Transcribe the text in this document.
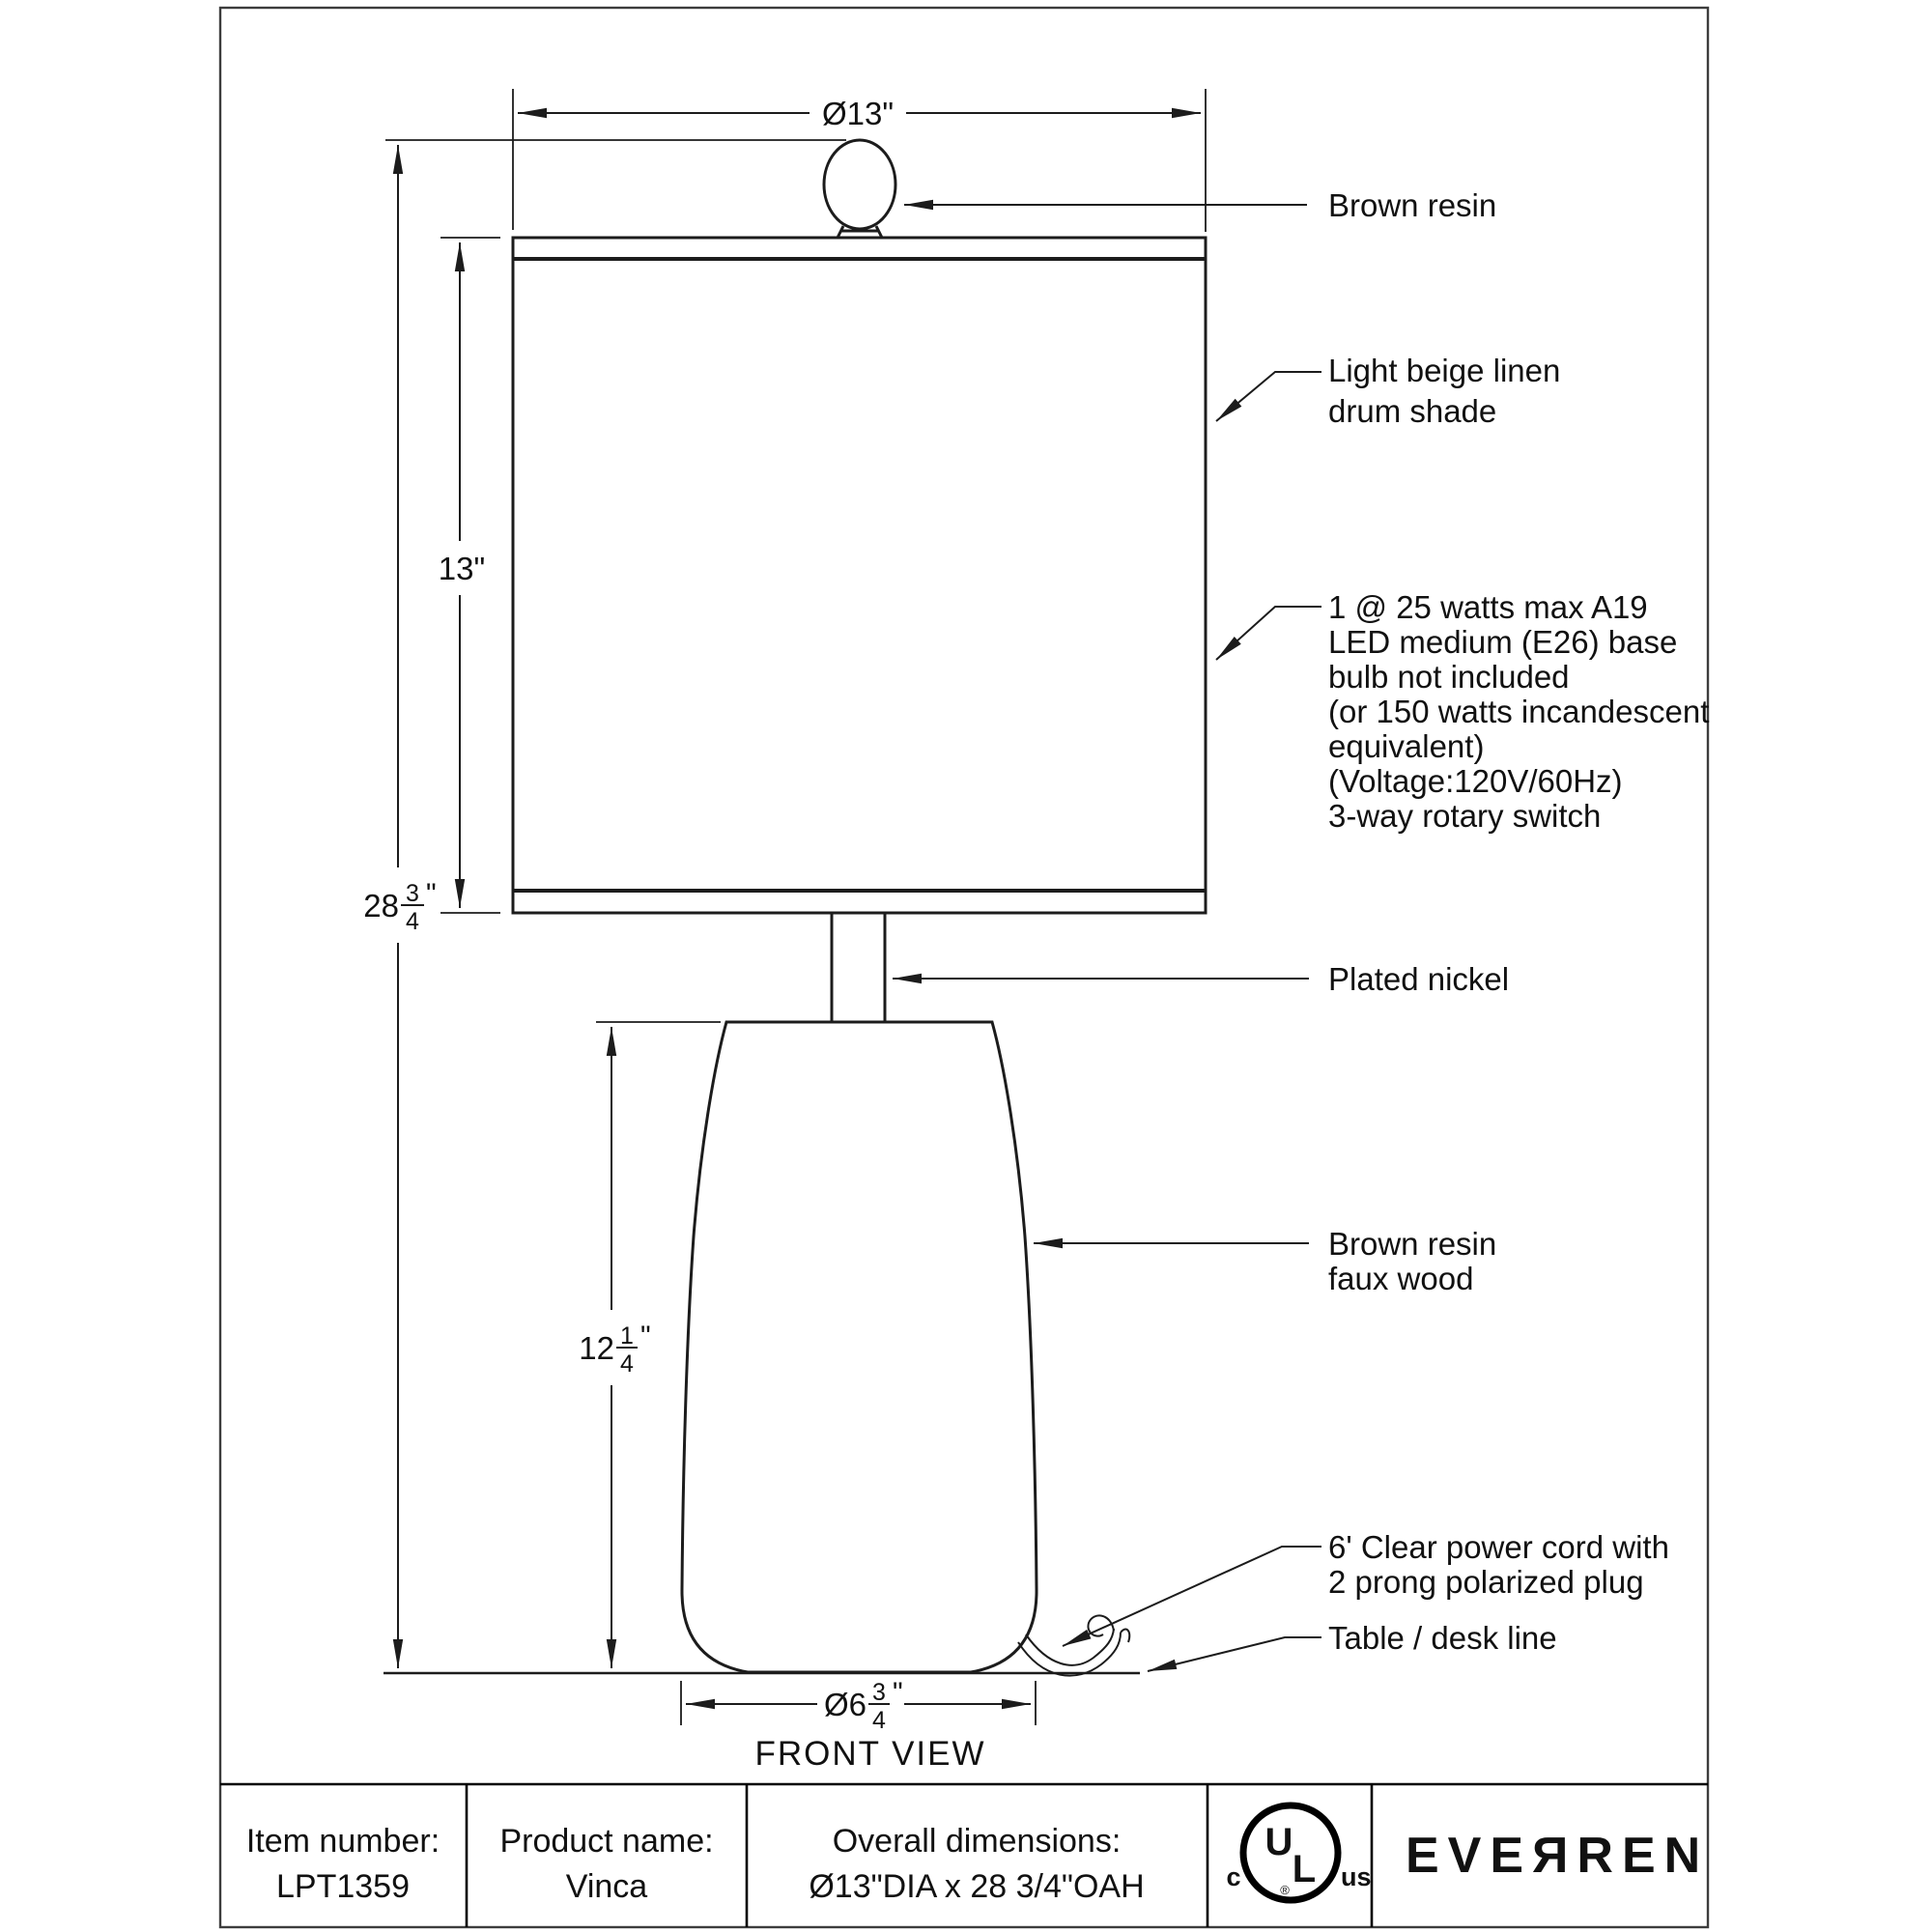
Ø13"
28 3
4
"
13"
12 1
4
"
Ø6 3
4
"
Brown resin
Light beige linen
drum shade
1 @ 25 watts max A19
LED medium (E26) base
bulb not included
(or 150 watts incandescent
equivalent)
(Voltage:120V/60Hz)
3-way rotary switch
Plated nickel
Brown resin
faux wood
6' Clear power cord with
2 prong polarized plug
Table / desk line
FRONT VIEW
Item number:
LPT1359
Product name:
Vinca
Overall dimensions:
Ø13"DIA x 28 3/4"OAH
U
L
®
c	us EVEЯREN
